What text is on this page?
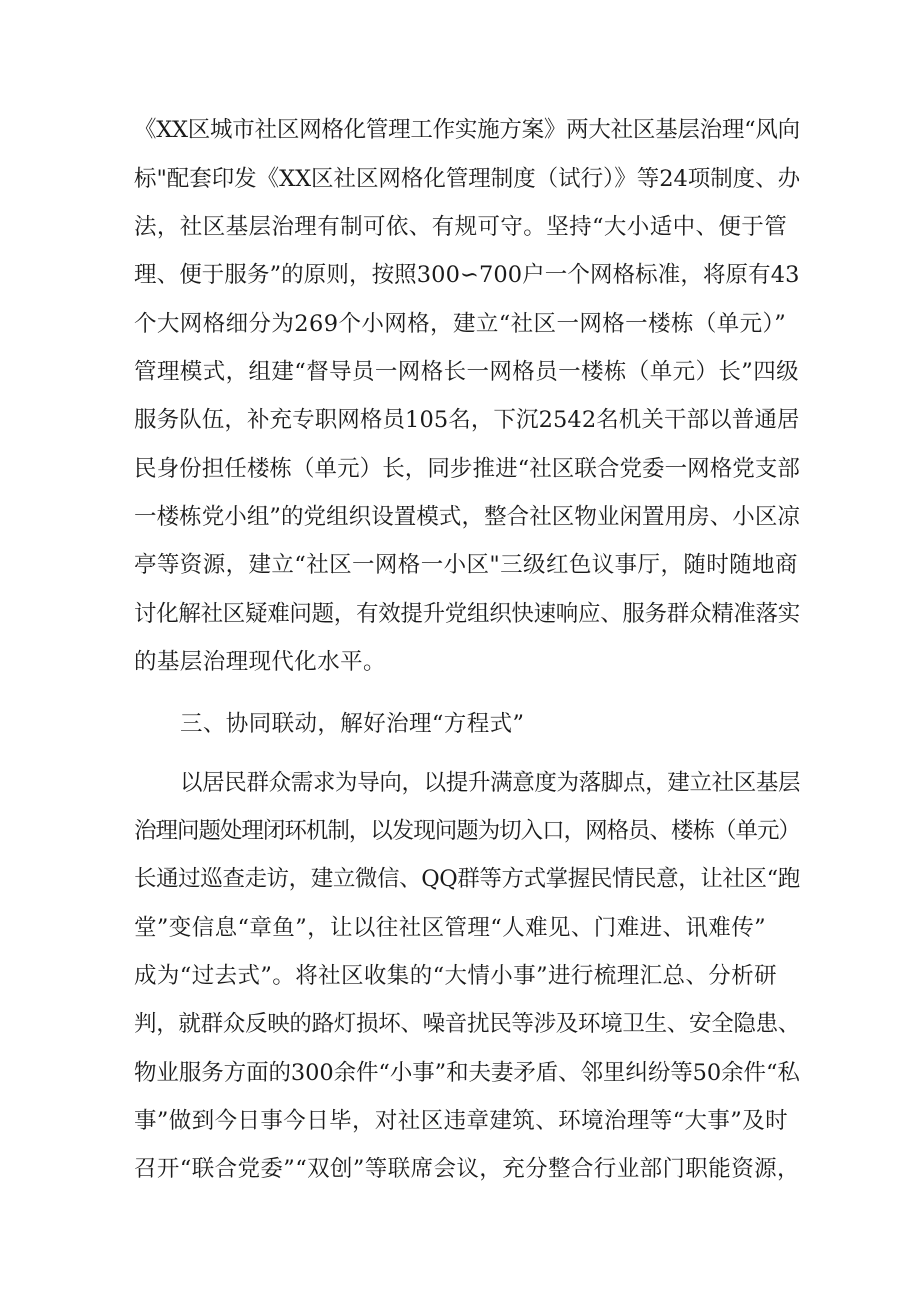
《XX区城市社区网格化管理工作实施方案》两大社区基层治理“风向
标"配套印发《XX区社区网格化管理制度（试行）》等24项制度、办
法，社区基层治理有制可依、有规可守。坚持“大小适中、便于管
理、便于服务”的原则，按照300∽700户一个网格标准，将原有43
个大网格细分为269个小网格，建立“社区一网格一楼栋（单元）”
管理模式，组建“督导员一网格长一网格员一楼栋（单元）长”四级
服务队伍，补充专职网格员105名，下沉2542名机关干部以普通居
民身份担任楼栋（单元）长，同步推进“社区联合党委一网格党支部
一楼栋党小组”的党组织设置模式，整合社区物业闲置用房、小区凉
亭等资源，建立“社区一网格一小区"三级红色议事厅，随时随地商
讨化解社区疑难问题，有效提升党组织快速响应、服务群众精准落实
的基层治理现代化水平。
三、协同联动，解好治理“方程式”
以居民群众需求为导向，以提升满意度为落脚点，建立社区基层
治理问题处理闭环机制，以发现问题为切入口，网格员、楼栋（单元）
长通过巡查走访，建立微信、QQ群等方式掌握民情民意，让社区“跑
堂”变信息“章鱼”，让以往社区管理“人难见、门难进、讯难传”
成为“过去式”。将社区收集的“大情小事”进行梳理汇总、分析研
判，就群众反映的路灯损坏、噪音扰民等涉及环境卫生、安全隐患、
物业服务方面的300余件“小事”和夫妻矛盾、邻里纠纷等50余件“私
事”做到今日事今日毕，对社区违章建筑、环境治理等“大事”及时
召开“联合党委”“双创”等联席会议，充分整合行业部门职能资源，
